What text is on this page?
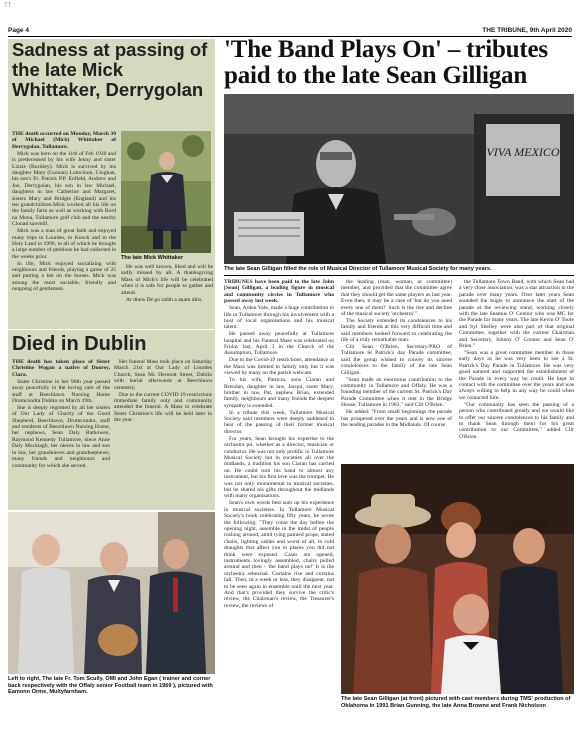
TT
Page 4	THE TRIBUNE, 9th April 2020
Sadness at passing of the late Mick Whittaker, Derrygolan

THE death occurred on Monday, March 30 of Michael (Mick) Whittaker of Derrygolan, Tullamore.

Mick was born on the 11th of Feb 1930 and is predeceased by his wife Jenny and sister Lizzie (Buckley). Mick is survived by his daughter Mary (Guinan) Lumcloon, Cloghan, his son's Fr. Patrick P.P. Enfield, Andrew and Joe, Derrygolan, his son in law Michael, daughters in law Catherine and Margaret, sisters Mary and Bridgie (England) and his ten grandchildren.Mick worked all his life on the family farm as well as working with Bord na Mona, Tullamore golf club and the nearby Clonad sawmill.

Mick was a man of great faith and enjoyed many trips to Lourdes, to Knock and to the Holy Land in 1990, to all of which he brought a large number of petitions he had collected in the weeks prior.

In life, Mick enjoyed socializing with neighbours and friends, playing a game of 25 and putting a bet on the horses. Mick was among the most sociable, friendly and outgoing of gentlemen.

The late Mick Whittaker

He was well known, liked and will be sadly missed by all. A thanksgiving Mass of Mick's life will be celebrated when it is safe for people to gather and attend.

Ar dheis Dé go raibh a anam dílis.

Died in Dublin

THE death has taken place of Sister Christine Wogan a native of Doorey, Clara.

Sister Christine in her 90th year passed away peacefully in the loving care of the staff at Beechlawn Nursing Home Drumcondra Dublin on March 19th.

She is deeply regretted by all her sisters of Our Lady of Charity of the Good Shepherd, Beechlawn, Drumcondra, staff and residents of Beechlawn Nursing Home, her nephews, Sean Daly Rathowen, Raymond Kennedy Tullamore, niece Anne Daly Mucklagh, her nieces in law and son in law, her grandnieces and grandnephews, many friends and neighbours and community for which she served.

Her funeral Mass took place on Saturday March 21st at Our Lady of Lourdes Church, Sean Mc Dermott Street, Dublin with burial afterwards at Beechlawn cemetery.

Due to the current COVID 19 restrictions immediate family only and community attended the funeral. A Mass to celebrate Sister Christine's life will be held later in the year.

Left to right, The late Fr. Tom Scully, OMI and John Egan ( trainer and corner back respectively with the Offaly senior Football team in 1969 ), pictured with Eamonn Orme, Multyfarnham.
'The Band Plays On' – tributes paid to the late Sean Gilligan
VIVA MEXICO
The late Sean Gilligan filled the role of Musical Director of Tullamore Musical Society for many years.

TRIBUNES have been paid to the late John [Sean] Gilligan, a leading figure in musical and community circles in Tullamore who passed away last week.

Sean, Arden Vale, made a huge contribution to life in Tullamore through his involvement with a host of local organisations and his musical talent.

He passed away peacefully at Tullamore hospital and his Funeral Mass was celebrated on Friday last, April 3 in the Church of the Assumption, Tullamore.

Due to the Covid-19 restrictions, attendance at the Mass was limited to family only but it was viewed by many on the parish webcam.

To his wife, Patricia, sons Ciaran and Brendan, daughter in law, Jacqui, sister Mary, brother in law, Pat, nephew Brian, extended family, neighbours and many friends the deepest sympathy is extended.

In a tribute this week, Tullamore Musical Society said members were deeply saddened to hear of the passing of their former musical director.

For years, Sean brought his expertise to the orchestra pit, whether as a director, musician or conductor. He was not only prolific in Tullamore Musical Society but in societies all over the midlands, a tradition his son Ciaran has carried on. He could turn his hand to almost any instrument, but his first love was the trumpet. He was not only monumental in musical societies, but he shared his gifts throughout the midlands with many organisations.

Sean's own words best sum up his experience in musical societies. In Tullamore Musical Society's book celebrating fifty years, he wrote the following: "They come the day before the opening night, assemble in the midst of people rushing around, amid tying painted props, stated chairs, lighting cables and worst of all, in cold draughts that affect you in places you did not think were exposed. Cases are opened, instruments lovingly assembled, chairs pulled around and then - 'the band plays on!' It is the orchestra rehearsal. Curtains rise and curtains fall. Then, in a week or less, they disappear, not to be seen again in ensemble until the next year. And that's provided they survive the critic's review, the Chairman's review, the Treasurer's review, the reviews of

the leading (man, woman, or committee) member, and provided that the committee agree that they should get the same players as last year. Even then, it may be a case of 'but do you need every one of them?' Such is the rise and decline of the musical society 'orchestra'."

The Society extended its condolences to his family and friends at this very difficult time and said members looked forward to celebrating the life of a truly remarkable man.

Cllr Sean O'Brien, Secretary/PRO of Tullamore St Patrick's day Parade committee, said the group wished to convey its sincere condolences to the family of the late Sean Gilligan.

"Sean made an enormous contribution to the community in Tullamore and Offaly. He was a founding member of the current St. Patrick's Day Parade Committee when it met in the Bridge House, Tullamore in 1983," said Cllr O'Brien.

He added: "From small beginnings the parade has prospered over the years and is now one of the leading parades in the Midlands. Of course

the Tullamore Town Band, with which Sean had a very close association, was a star attraction in the parade over many years. Over later years Sean sounded the bugle to announce the start of the parade at the reviewing stand, working closely with the late Seamus O' Connor who was MC for the Parade for many years. The late Kevin O' Toole and Syl Shelley were also part of that original Committee, together with the current Chairman and Secretary, Johnny O' Connor and Sean O' Brien."

"Sean was a great committee member in those early days as he was very keen to see a St. Patrick's Day Parade in Tullamore. He was very good natured and supported the establishment of the Parade in every way he could. He kept in contact with the committee over the years and was always willing to help in any way he could when we contacted him.

"Our community has seen the passing of a person who contributed greatly and we would like to offer our sincere condolences to his family and to thank Sean through them for his great contribution to our Committee," added Cllr O'Brien.

The late Sean Gilligan (at front) pictured with cast members during TMS' production of Oklahoma in 1991 Brian Gunning, the late Anna Browne and Frank Nicholson
